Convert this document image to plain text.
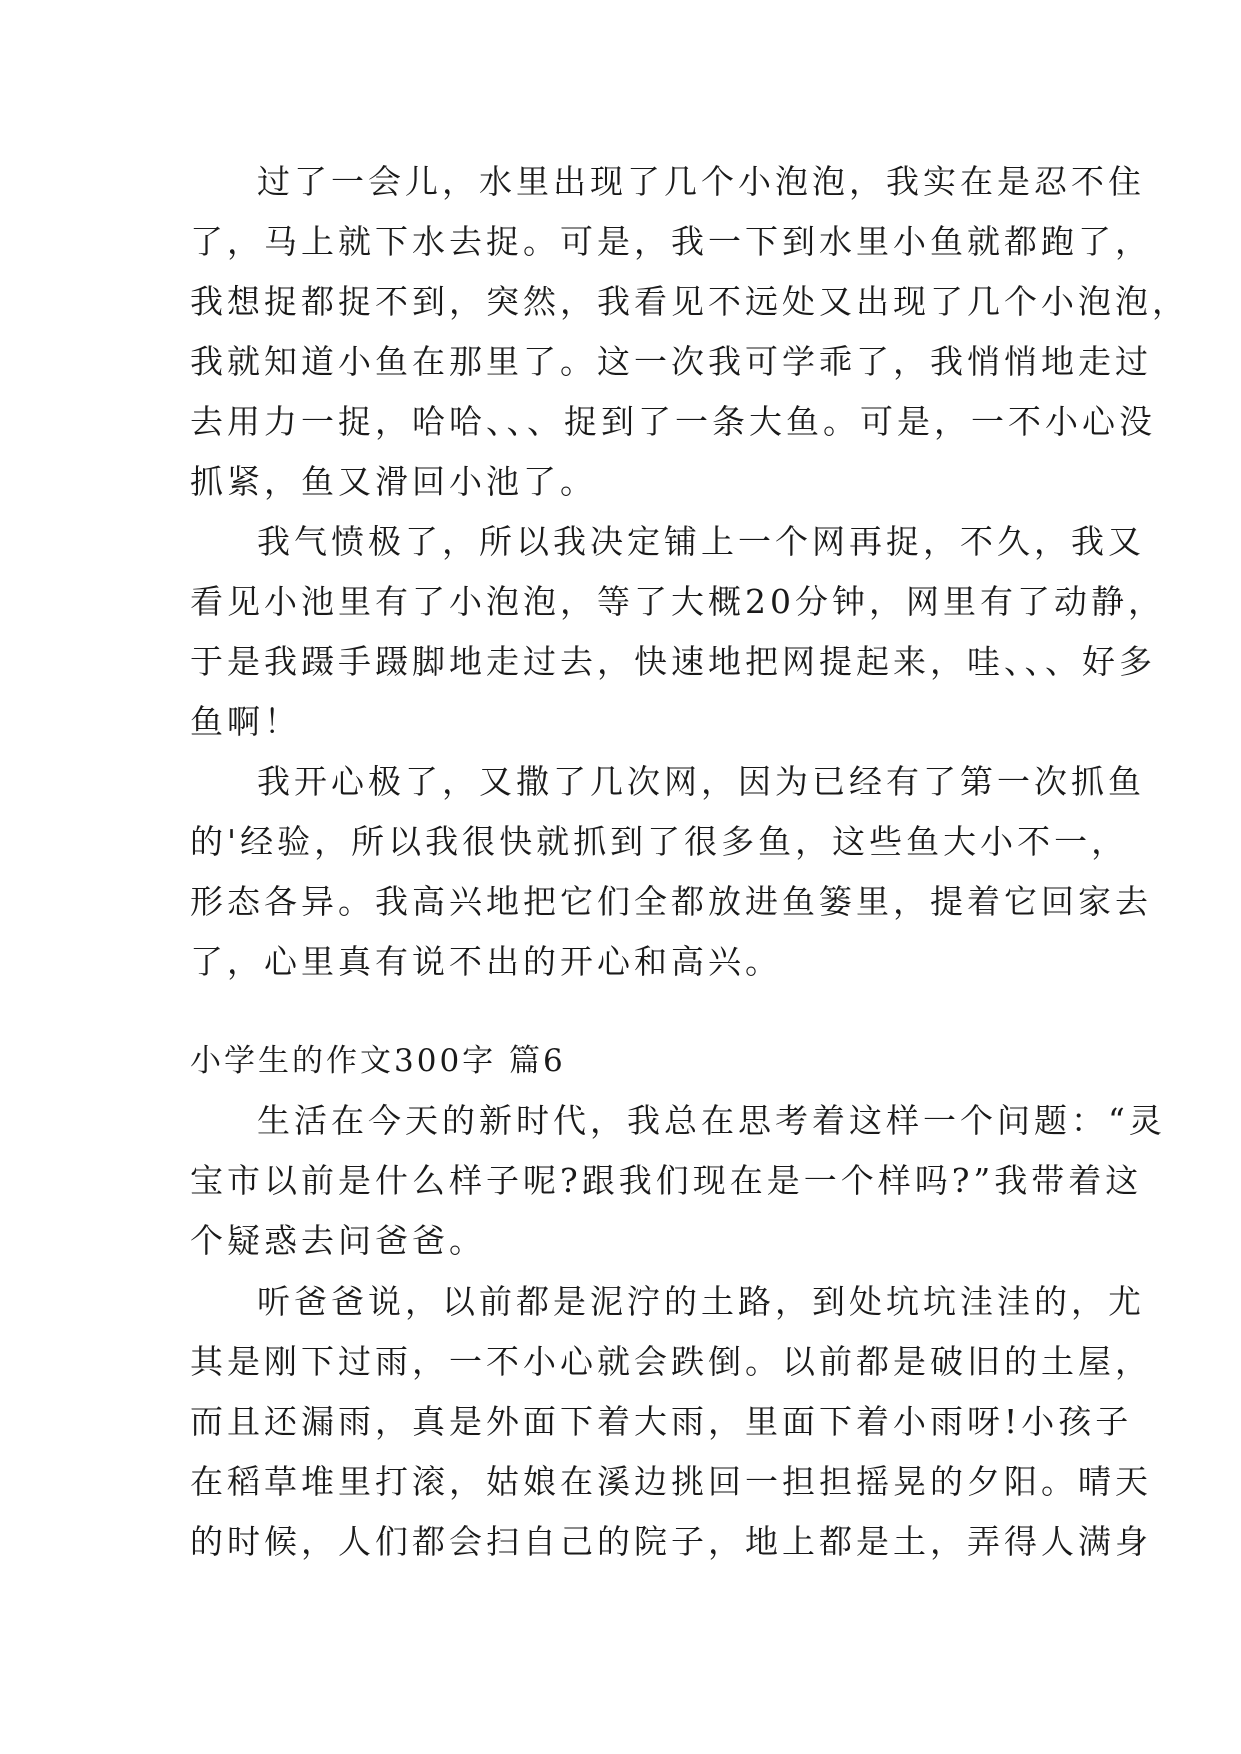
过了一会儿，水里出现了几个小泡泡，我实在是忍不住
了，马上就下水去捉。可是，我一下到水里小鱼就都跑了，
我想捉都捉不到，突然，我看见不远处又出现了几个小泡泡，
我就知道小鱼在那里了。这一次我可学乖了，我悄悄地走过
去用力一捉，哈哈、、、捉到了一条大鱼。可是，一不小心没
抓紧，鱼又滑回小池了。
我气愤极了，所以我决定铺上一个网再捉，不久，我又
看见小池里有了小泡泡，等了大概20分钟，网里有了动静，
于是我蹑手蹑脚地走过去，快速地把网提起来，哇、、、好多
鱼啊！
我开心极了，又撒了几次网，因为已经有了第一次抓鱼
的'经验，所以我很快就抓到了很多鱼，这些鱼大小不一，
形态各异。我高兴地把它们全都放进鱼篓里，提着它回家去
了，心里真有说不出的开心和高兴。
小学生的作文300字 篇6
生活在今天的新时代，我总在思考着这样一个问题：“灵
宝市以前是什么样子呢?跟我们现在是一个样吗?”我带着这
个疑惑去问爸爸。
听爸爸说，以前都是泥泞的土路，到处坑坑洼洼的，尤
其是刚下过雨，一不小心就会跌倒。以前都是破旧的土屋，
而且还漏雨，真是外面下着大雨，里面下着小雨呀!小孩子
在稻草堆里打滚，姑娘在溪边挑回一担担摇晃的夕阳。晴天
的时候，人们都会扫自己的院子，地上都是土，弄得人满身
